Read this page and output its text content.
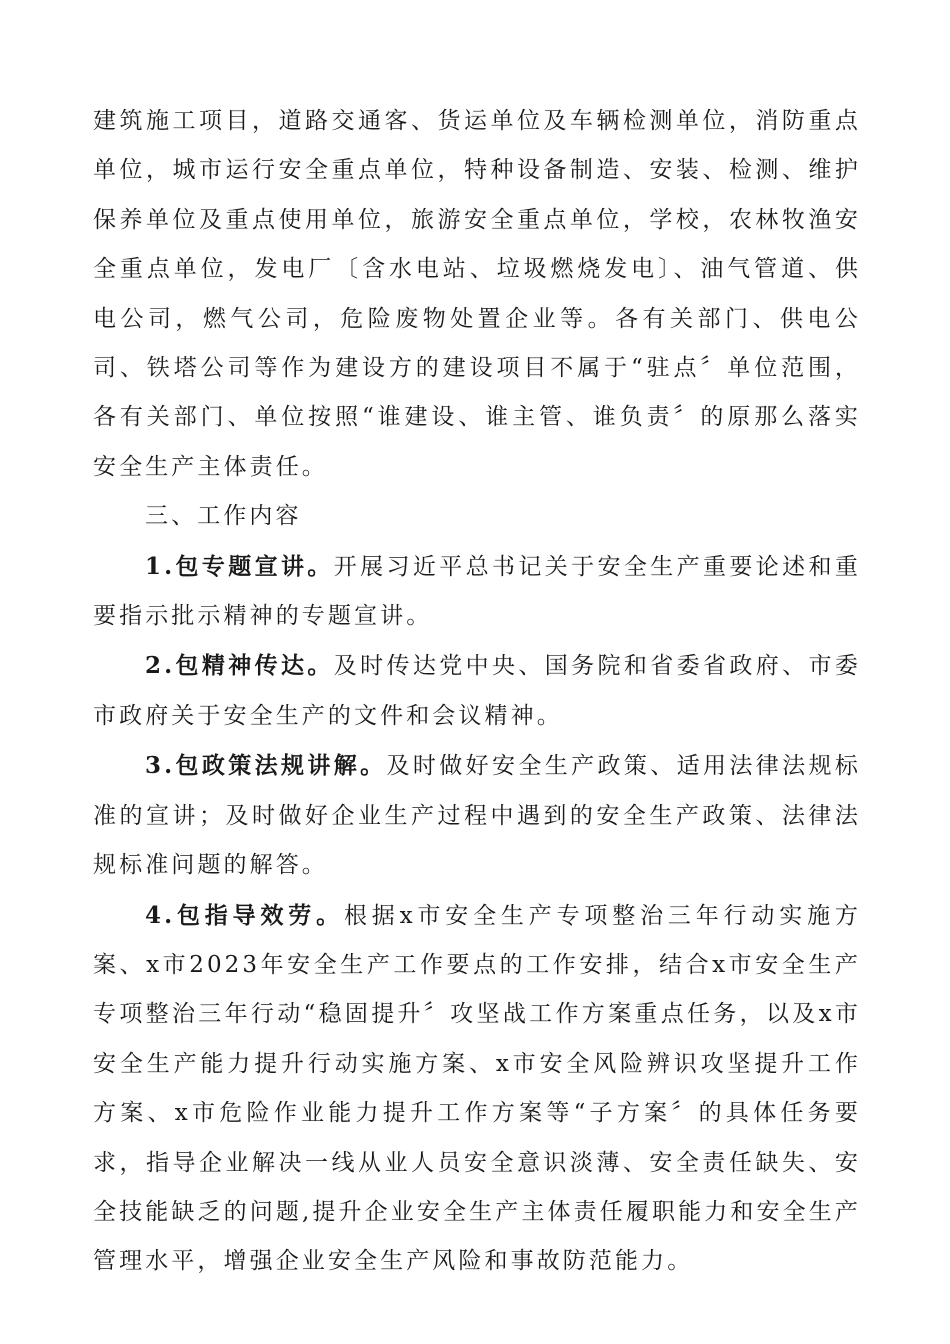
建筑施工项目，道路交通客、货运单位及车辆检测单位，消防重点单位，城市运行安全重点单位，特种设备制造、安装、检测、维护保养单位及重点使用单位，旅游安全重点单位，学校，农林牧渔安全重点单位，发电厂〔含水电站、垃圾燃烧发电〕、油气管道、供电公司，燃气公司，危险废物处置企业等。各有关部门、供电公司、铁塔公司等作为建设方的建设项目不属于“驻点〞单位范围，各有关部门、单位按照“谁建设、谁主管、谁负责〞的原那么落实安全生产主体责任。

三、工作内容

1.包专题宣讲。开展习近平总书记关于安全生产重要论述和重要指示批示精神的专题宣讲。

2.包精神传达。及时传达党中央、国务院和省委省政府、市委市政府关于安全生产的文件和会议精神。

3.包政策法规讲解。及时做好安全生产政策、适用法律法规标准的宣讲；及时做好企业生产过程中遇到的安全生产政策、法律法规标准问题的解答。

4.包指导效劳。根据x市安全生产专项整治三年行动实施方案、x市2023年安全生产工作要点的工作安排，结合x市安全生产专项整治三年行动“稳固提升〞攻坚战工作方案重点任务，以及x市安全生产能力提升行动实施方案、x市安全风险辨识攻坚提升工作方案、x市危险作业能力提升工作方案等“子方案〞的具体任务要求，指导企业解决一线从业人员安全意识淡薄、安全责任缺失、安全技能缺乏的问题,提升企业安全生产主体责任履职能力和安全生产管理水平，增强企业安全生产风险和事故防范能力。
